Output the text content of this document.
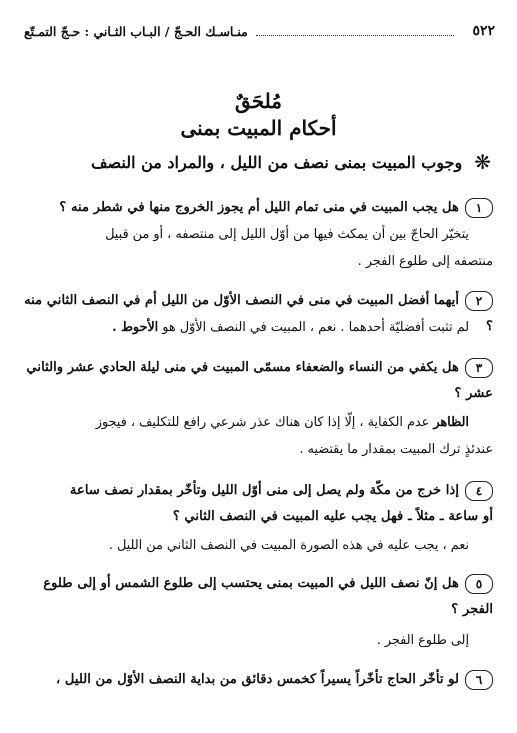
٥٢٢
منـاسـك الحـجّ / البـاب الثـاني : حـجّ التمـتّع
مُلحَقٌ
أحكام المبيت بمنى
❋
وجوب المبيت بمنى نصف من الليل ، والمراد من النصف
١هل يجب المبيت في منى تمام الليل أم يجوز الخروج منها في شطر منه ؟
يتخيّر الحاجّ بين أن يمكث فيها من أوّل الليل إلى منتصفه ، أو من قبيل
منتصفه إلى طلوع الفجر .
٢أيهما أفضل المبيت في منى في النصف الأوّل من الليل أم في النصف الثاني منه ؟
لم تثبت أفضليّة أحدهما . نعم ، المبيت في النصف الأوّل هو الأحوط .
٣هل يكفي من النساء والضعفاء مسمّى المبيت في منى ليلة الحادي عشر والثاني
عشر ؟
الظاهر عدم الكفاية ، إلّا إذا كان هناك عذر شرعي رافع للتكليف ، فيجوز
عندئذٍ ترك المبيت بمقدار ما يقتضيه .
٤إذا خرج من مكّة ولم يصل إلى منى أوّل الليل وتأخّر بمقدار نصف ساعة
أو ساعة ـ مثلاً ـ فهل يجب عليه المبيت في النصف الثاني ؟
نعم ، يجب عليه في هذه الصورة المبيت في النصف الثاني من الليل .
٥هل إنّ نصف الليل في المبيت بمنى يحتسب إلى طلوع الشمس أو إلى طلوع
الفجر ؟
إلى طلوع الفجر .
٦لو تأخّر الحاج تأخّراً يسيراً كخمس دقائق من بداية النصف الأوّل من الليل ،
